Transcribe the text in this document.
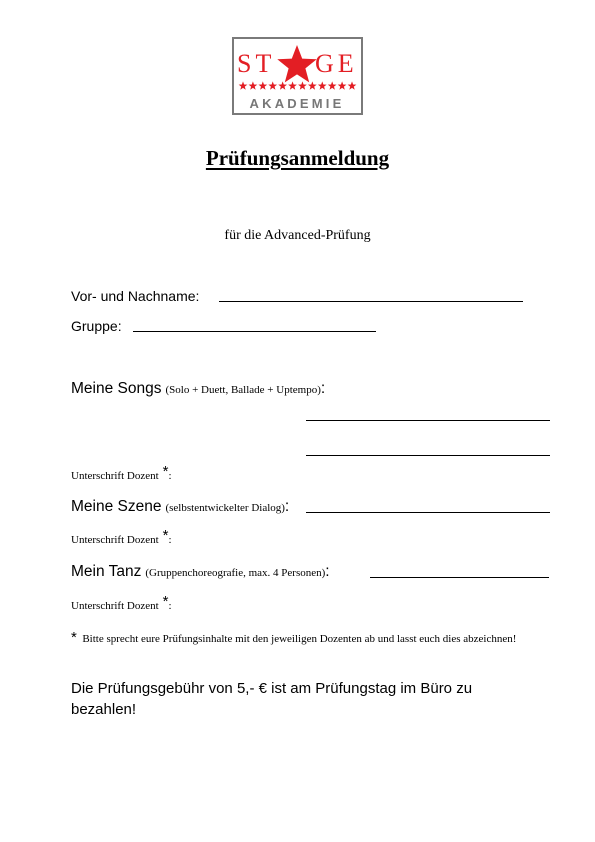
ST GE
AKADEMIE
Prüfungsanmeldung
für die Advanced-Prüfung
Vor- und Nachname:
Gruppe:
Meine Songs (Solo + Duett, Ballade + Uptempo):
Unterschrift Dozent *:
Meine Szene (selbstentwickelter Dialog):
Unterschrift Dozent *:
Mein Tanz (Gruppenchoreografie, max. 4 Personen):
Unterschrift Dozent *:
* Bitte sprecht eure Prüfungsinhalte mit den jeweiligen Dozenten ab und lasst euch dies abzeichnen!
Die Prüfungsgebühr von 5,- € ist am Prüfungstag im Büro zu bezahlen!
